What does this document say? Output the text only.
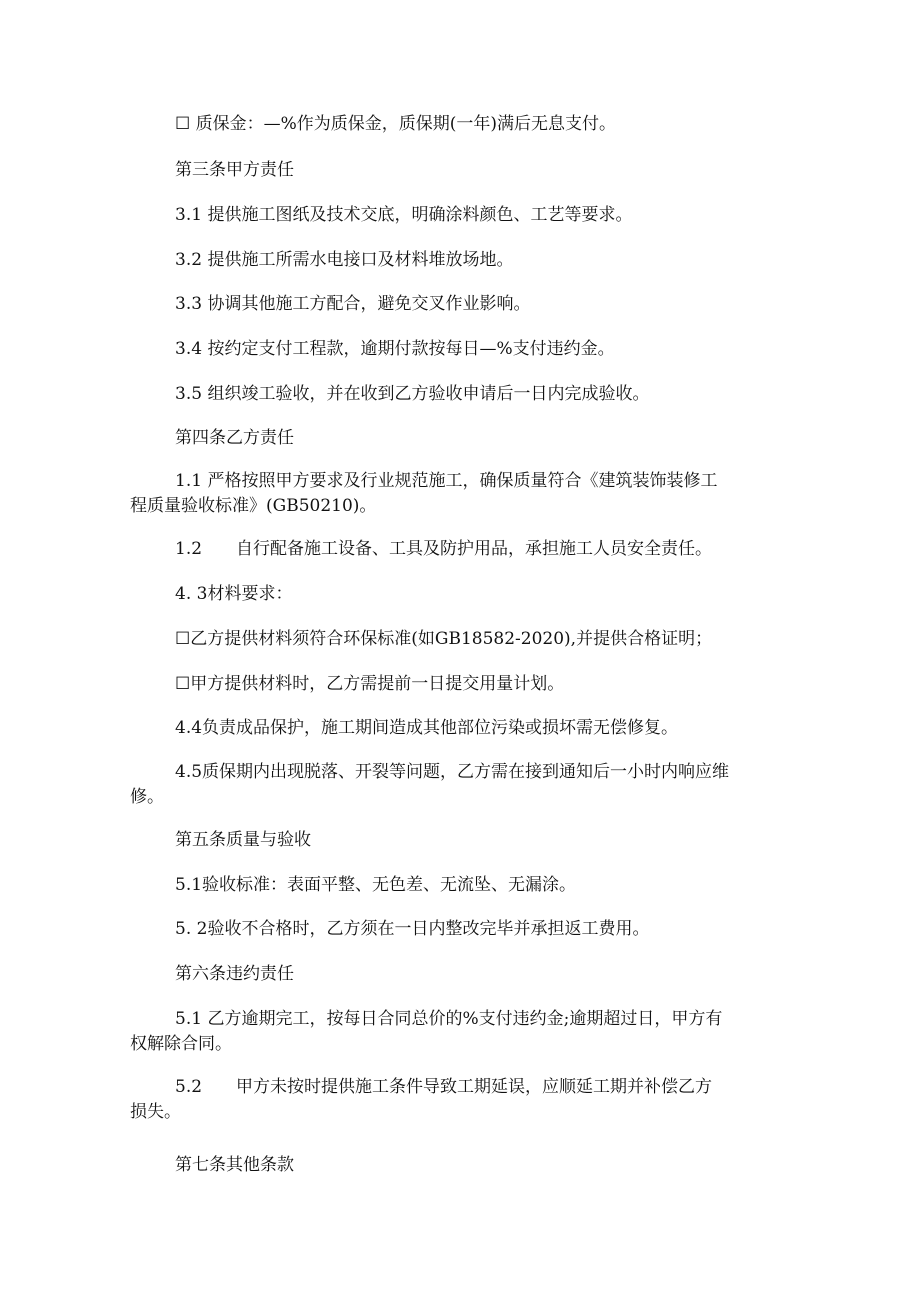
☐ 质保金：—%作为质保金，质保期(一年)满后无息支付。

第三条甲方责任

3.1 提供施工图纸及技术交底，明确涂料颜色、工艺等要求。

3.2 提供施工所需水电接口及材料堆放场地。

3.3 协调其他施工方配合，避免交叉作业影响。

3.4 按约定支付工程款，逾期付款按每日—%支付违约金。

3.5 组织竣工验收，并在收到乙方验收申请后一日内完成验收。

第四条乙方责任

1.1 严格按照甲方要求及行业规范施工，确保质量符合《建筑装饰装修工
程质量验收标准》(GB50210)。

1.2 自行配备施工设备、工具及防护用品，承担施工人员安全责任。

4. 3材料要求：

☐乙方提供材料须符合环保标准(如GB18582-2020),并提供合格证明；

☐甲方提供材料时，乙方需提前一日提交用量计划。

4.4负责成品保护，施工期间造成其他部位污染或损坏需无偿修复。

4.5质保期内出现脱落、开裂等问题，乙方需在接到通知后一小时内响应维
修。

第五条质量与验收

5.1验收标准：表面平整、无色差、无流坠、无漏涂。

5. 2验收不合格时，乙方须在一日内整改完毕并承担返工费用。

第六条违约责任

5.1 乙方逾期完工，按每日合同总价的%支付违约金;逾期超过日，甲方有
权解除合同。
5.2 甲方未按时提供施工条件导致工期延误，应顺延工期并补偿乙方
损失。

第七条其他条款
